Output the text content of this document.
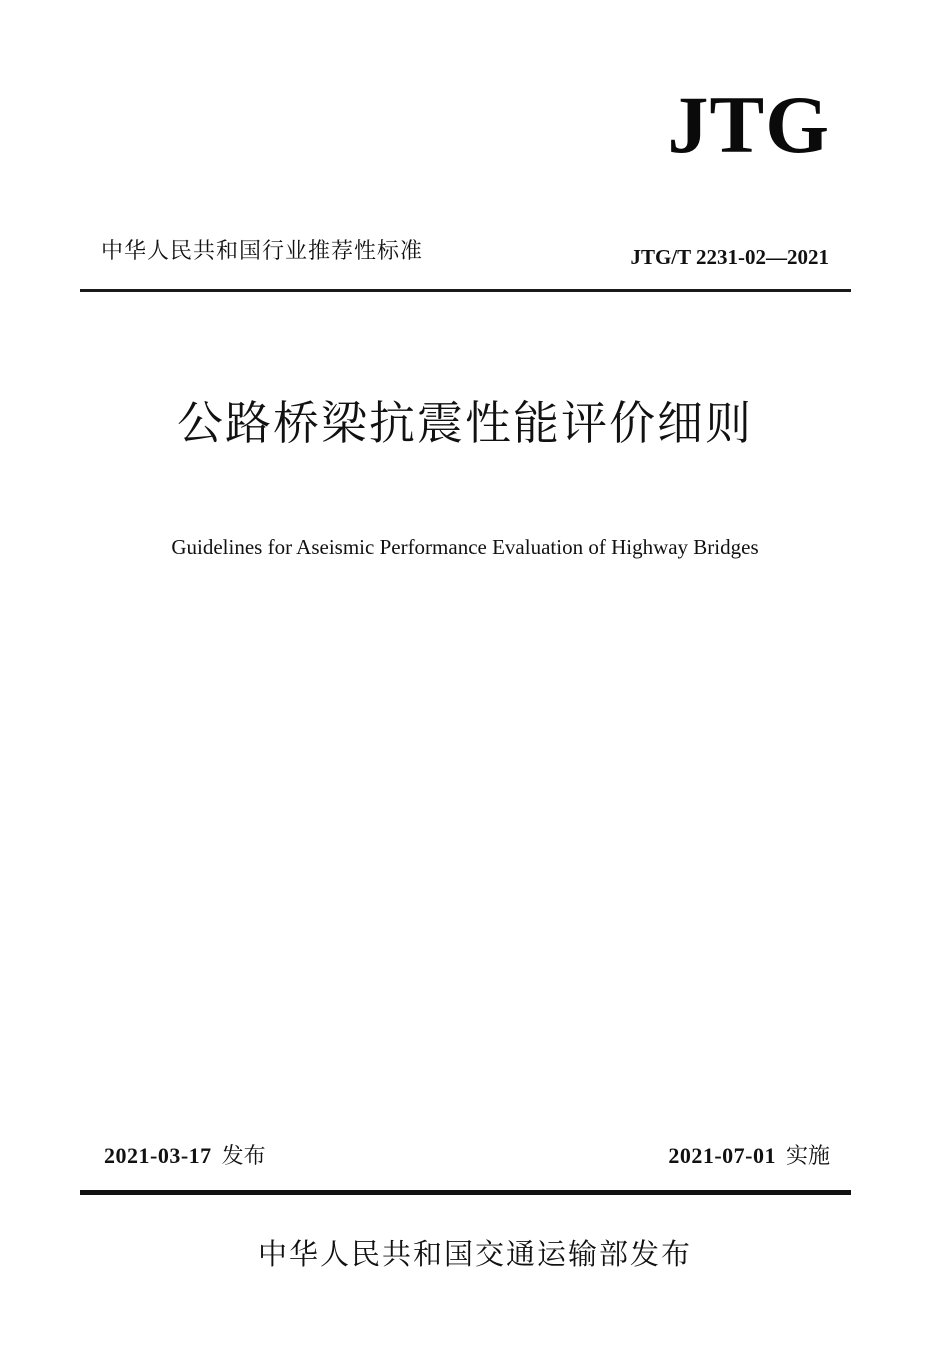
JTG
中华人民共和国行业推荐性标准	JTG/T 2231-02—2021
公路桥梁抗震性能评价细则
Guidelines for Aseismic Performance Evaluation of Highway Bridges
2021-03-17 发布	2021-07-01 实施
中华人民共和国交通运输部发布
